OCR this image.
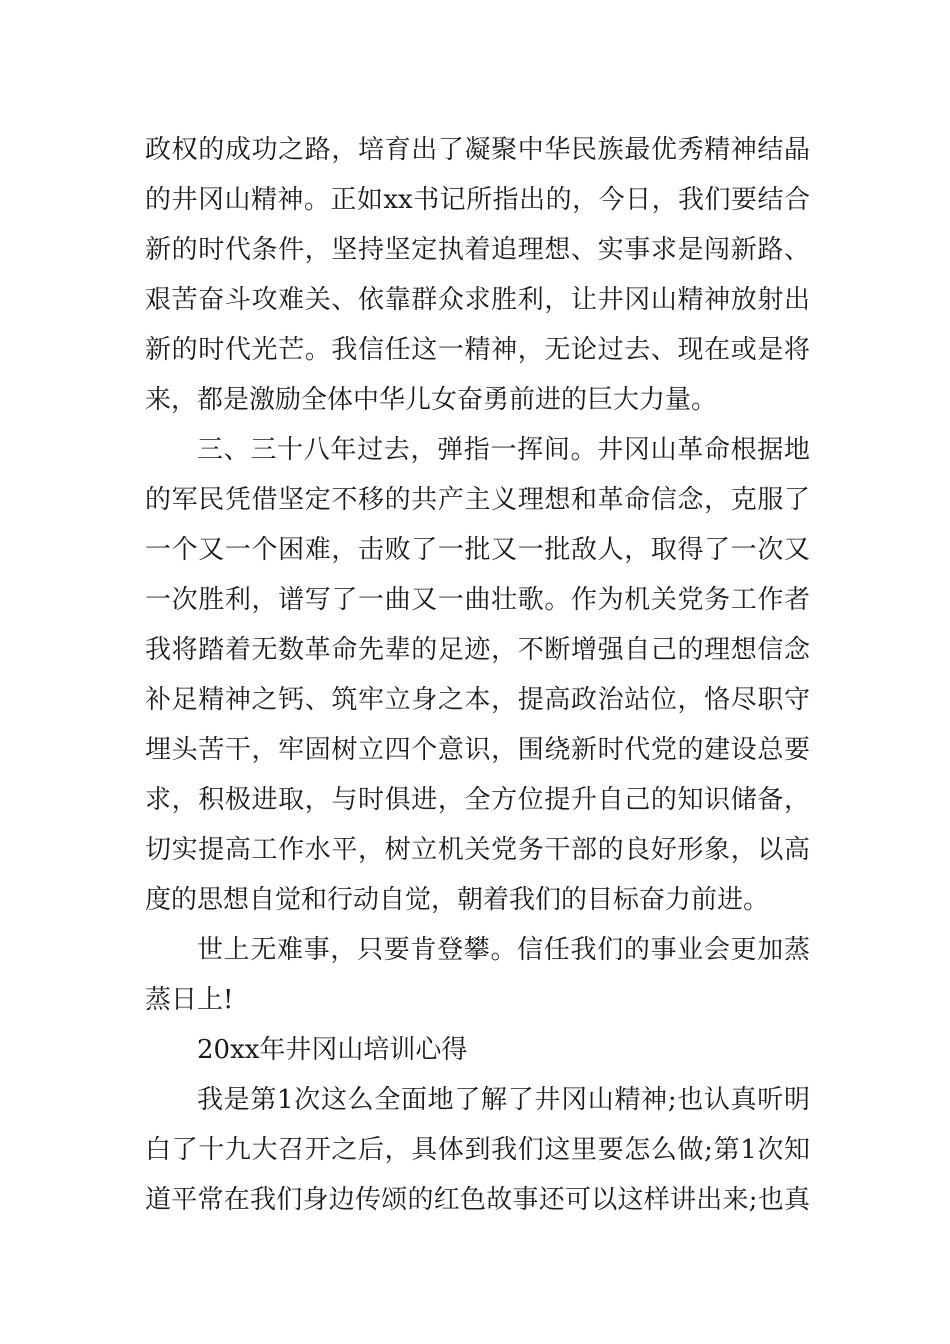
政权的成功之路，培育出了凝聚中华民族最优秀精神结晶
的井冈山精神。正如xx书记所指出的，今日，我们要结合
新的时代条件，坚持坚定执着追理想、实事求是闯新路、
艰苦奋斗攻难关、依靠群众求胜利，让井冈山精神放射出
新的时代光芒。我信任这一精神，无论过去、现在或是将
来，都是激励全体中华儿女奋勇前进的巨大力量。
三、三十八年过去，弹指一挥间。井冈山革命根据地
的军民凭借坚定不移的共产主义理想和革命信念，克服了
一个又一个困难，击败了一批又一批敌人，取得了一次又
一次胜利，谱写了一曲又一曲壮歌。作为机关党务工作者
我将踏着无数革命先辈的足迹，不断增强自己的理想信念
补足精神之钙、筑牢立身之本，提高政治站位，恪尽职守
埋头苦干，牢固树立四个意识，围绕新时代党的建设总要
求，积极进取，与时俱进，全方位提升自己的知识储备，
切实提高工作水平，树立机关党务干部的良好形象，以高
度的思想自觉和行动自觉，朝着我们的目标奋力前进。
世上无难事，只要肯登攀。信任我们的事业会更加蒸
蒸日上!
20xx年井冈山培训心得
我是第1次这么全面地了解了井冈山精神;也认真听明
白了十九大召开之后，具体到我们这里要怎么做;第1次知
道平常在我们身边传颂的红色故事还可以这样讲出来;也真
